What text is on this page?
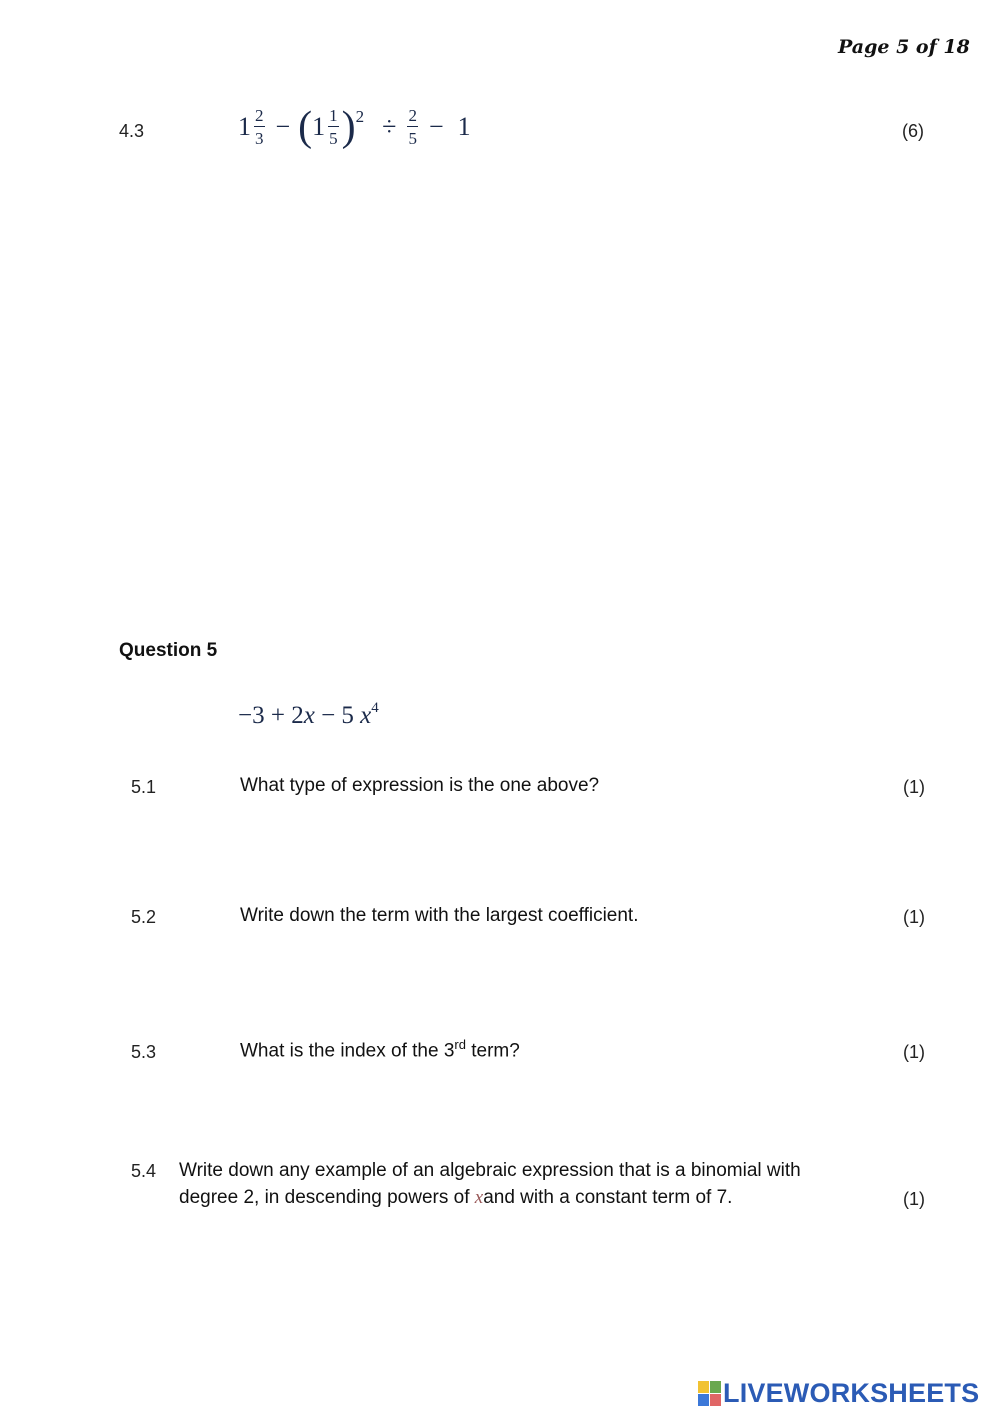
Page 5 of 18
4.3	$1 \frac{2}{3}$ − ( $1 \frac{1}{5}$ ) $2 \div \frac{2}{5} - 1$	(6)
Question 5
−3 + 2x − 5 $x^4$
5.1	What type of expression is the one above?	(1)
5.2	Write down the term with the largest coefficient.	(1)
5.3	What is the index of the 3rd term?	(1)
5.4 Write down any example of an algebraic expression that is a binomial with
degree 2, in descending powers of xand with a constant term of 7.	(1)
LIVEWORKSHEETS
